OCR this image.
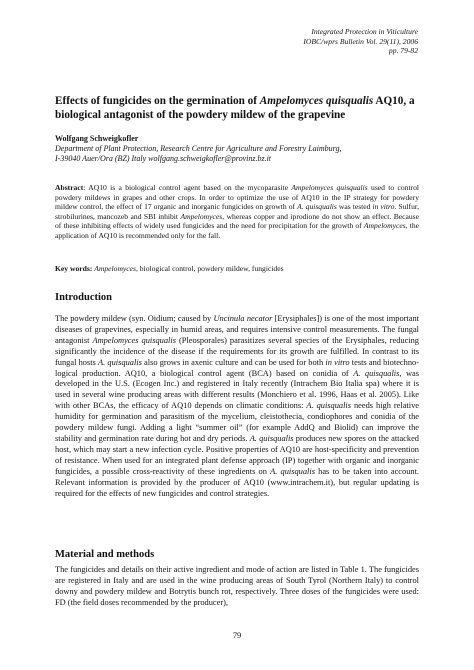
Integrated Protection in Viticulture
IOBC/wprs Bulletin Vol. 29(11), 2006
pp. 79-82
Effects of fungicides on the germination of Ampelomyces quisqualis AQ10, a biological antagonist of the powdery mildew of the grapevine
Wolfgang Schweigkofler
Department of Plant Protection, Research Centre for Agriculture and Forestry Laimburg,
I-39040 Auer/Ora (BZ) Italy wolfgang.schweigkofler@provinz.bz.it

Abstract: AQ10 is a biological control agent based on the mycoparasite Ampelomyces quisqualis used to control powdery mildews in grapes and other crops. In order to optimize the use of AQ10 in the IP strategy for powdery mildew control, the effect of 17 organic and inorganic fungicides on growth of A. quisqualis was tested in vitro. Sulfur, strobilurines, mancozeb and SBI inhibit Ampelomyces, whereas copper and iprodione do not show an effect. Because of these inhibiting effects of widely used fungicides and the need for precipitation for the growth of Ampelomyces, the application of AQ10 is recommended only for the fall.

Key words: Ampelomyces, biological control, powdery mildew, fungicides

Introduction

The powdery mildew (syn. Oidium; caused by Uncinula necator [Erysiphales]) is one of the most important diseases of grapevines, especially in humid areas, and requires intensive control measurements. The fungal antagonist Ampelomyces quisqualis (Pleosporales) parasitizes several species of the Erysiphales, reducing significantly the incidence of the disease if the requirements for its growth are fulfilled. In contrast to its fungal hosts A. quisqualis also grows in axenic culture and can be used for both in vitro tests and biotechno-logical production. AQ10, a biological control agent (BCA) based on conidia of A. quisqualis, was developed in the U.S. (Ecogen Inc.) and registered in Italy recently (Intrachem Bio Italia spa) where it is used in several wine producing areas with different results (Monchiero et al. 1996, Haas et al. 2005). Like with other BCAs, the efficacy of AQ10 depends on climatic conditions: A. quisqualis needs high relative humidity for germination and parasitism of the mycelium, cleistothecia, condiophores and conidia of the powdery mildew fungi. Adding a light “summer oil” (for example AddQ and Biolid) can improve the stability and germination rate during hot and dry periods. A. quisqualis produces new spores on the attacked host, which may start a new infection cycle. Positive properties of AQ10 are host-specificity and prevention of resistance. When used for an integrated plant defense approach (IP) together with organic and inorganic fungicides, a possible cross-reactivity of these ingredients on A. quisqualis has to be taken into account. Relevant information is provided by the producer of AQ10 (www.intrachem.it), but regular updating is required for the effects of new fungicides and control strategies.

Material and methods

The fungicides and details on their active ingredient and mode of action are listed in Table 1. The fungicides are registered in Italy and are used in the wine producing areas of South Tyrol (Northern Italy) to control downy and powdery mildew and Botrytis bunch rot, respectively. Three doses of the fungicides were used: FD (the field doses recommended by the producer),

79
